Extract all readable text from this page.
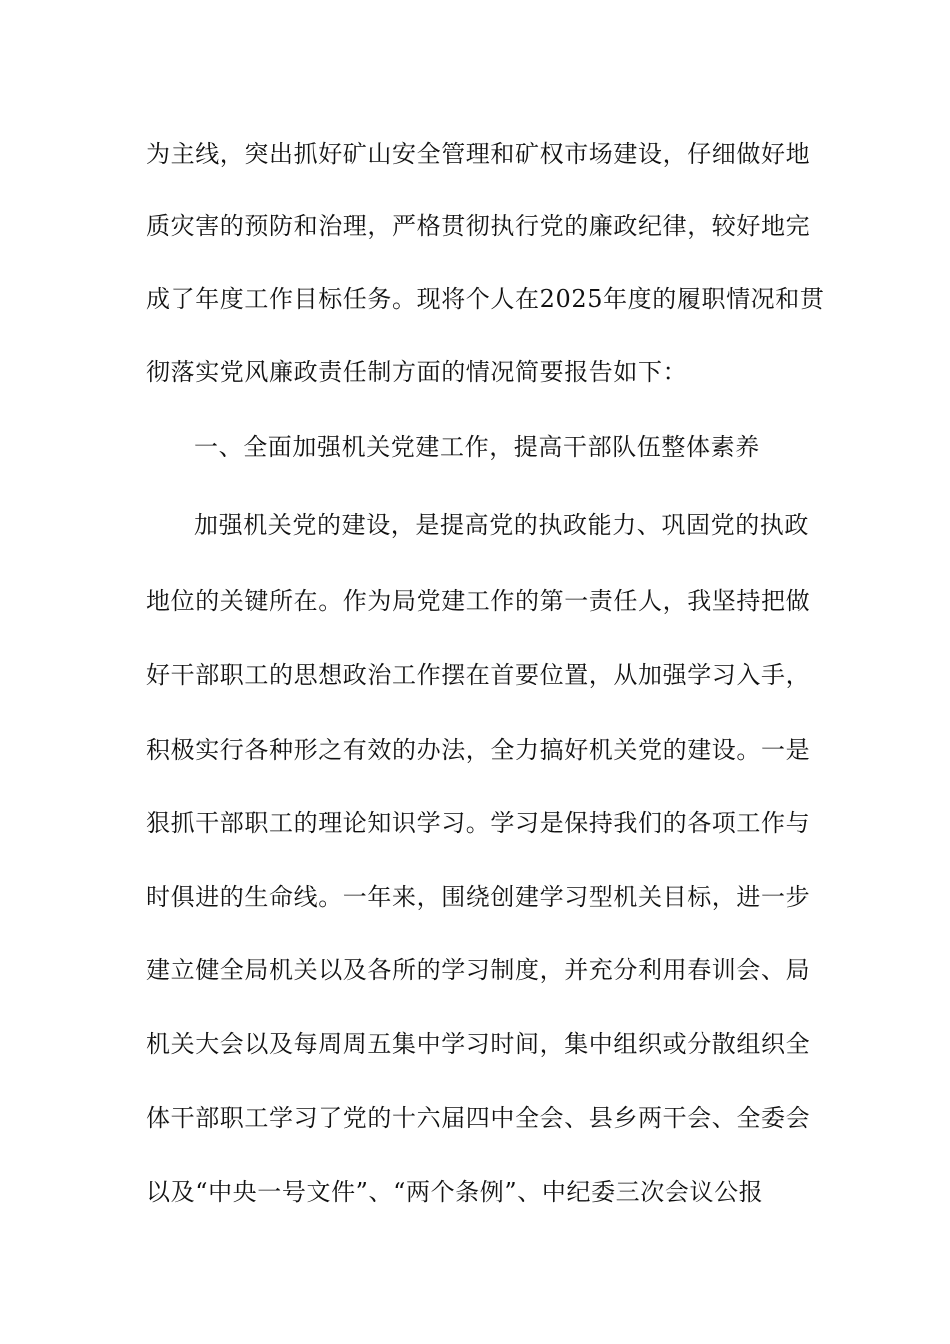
为主线，突出抓好矿山安全管理和矿权市场建设，仔细做好地
质灾害的预防和治理，严格贯彻执行党的廉政纪律，较好地完
成了年度工作目标任务。现将个人在2025年度的履职情况和贯
彻落实党风廉政责任制方面的情况简要报告如下：
一、全面加强机关党建工作，提高干部队伍整体素养
加强机关党的建设，是提高党的执政能力、巩固党的执政
地位的关键所在。作为局党建工作的第一责任人，我坚持把做
好干部职工的思想政治工作摆在首要位置，从加强学习入手，
积极实行各种形之有效的办法，全力搞好机关党的建设。一是
狠抓干部职工的理论知识学习。学习是保持我们的各项工作与
时俱进的生命线。一年来，围绕创建学习型机关目标，进一步
建立健全局机关以及各所的学习制度，并充分利用春训会、局
机关大会以及每周周五集中学习时间，集中组织或分散组织全
体干部职工学习了党的十六届四中全会、县乡两干会、全委会
以及“中央一号文件”、“两个条例”、中纪委三次会议公报
